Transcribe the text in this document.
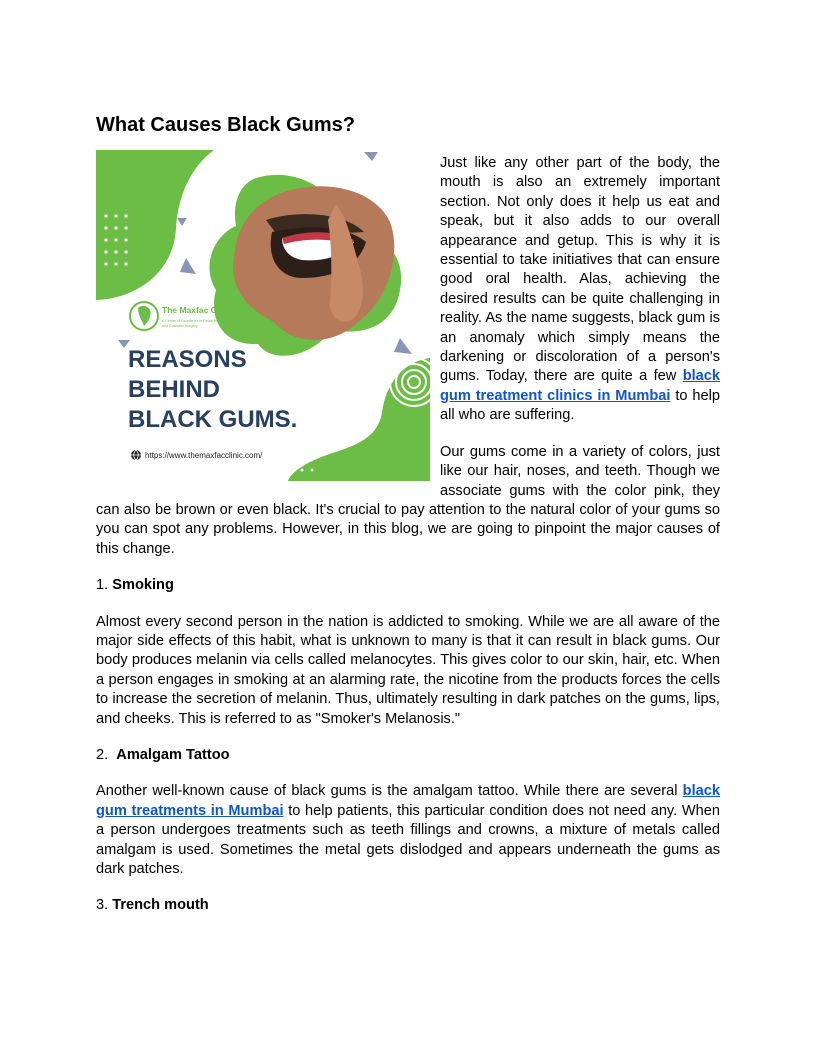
What Causes Black Gums?
The Maxfac Clinic
A Centre of Excellence in Facial Reconstruction
and Cosmetic Surgery
REASONS
BEHIND
BLACK GUMS.
https://www.themaxfacclinic.com/

Just like any other part of the body, the mouth is also an extremely important section. Not only does it help us eat and speak, but it also adds to our overall appearance and getup. This is why it is essential to take initiatives that can ensure good oral health. Alas, achieving the desired results can be quite challenging in reality. As the name suggests, black gum is an anomaly which simply means the darkening or discoloration of a person's gums. Today, there are quite a few black gum treatment clinics in Mumbai to help all who are suffering.

Our gums come in a variety of colors, just like our hair, noses, and teeth. Though we associate gums with the color pink, they can also be brown or even black. It's crucial to pay attention to the natural color of your gums so you can spot any problems. However, in this blog, we are going to pinpoint the major causes of this change.

1. Smoking

Almost every second person in the nation is addicted to smoking. While we are all aware of the major side effects of this habit, what is unknown to many is that it can result in black gums. Our body produces melanin via cells called melanocytes. This gives color to our skin, hair, etc. When a person engages in smoking at an alarming rate, the nicotine from the products forces the cells to increase the secretion of melanin. Thus, ultimately resulting in dark patches on the gums, lips, and cheeks. This is referred to as "Smoker's Melanosis."

2. Amalgam Tattoo

Another well-known cause of black gums is the amalgam tattoo. While there are several black gum treatments in Mumbai to help patients, this particular condition does not need any. When a person undergoes treatments such as teeth fillings and crowns, a mixture of metals called amalgam is used. Sometimes the metal gets dislodged and appears underneath the gums as dark patches.

3. Trench mouth
